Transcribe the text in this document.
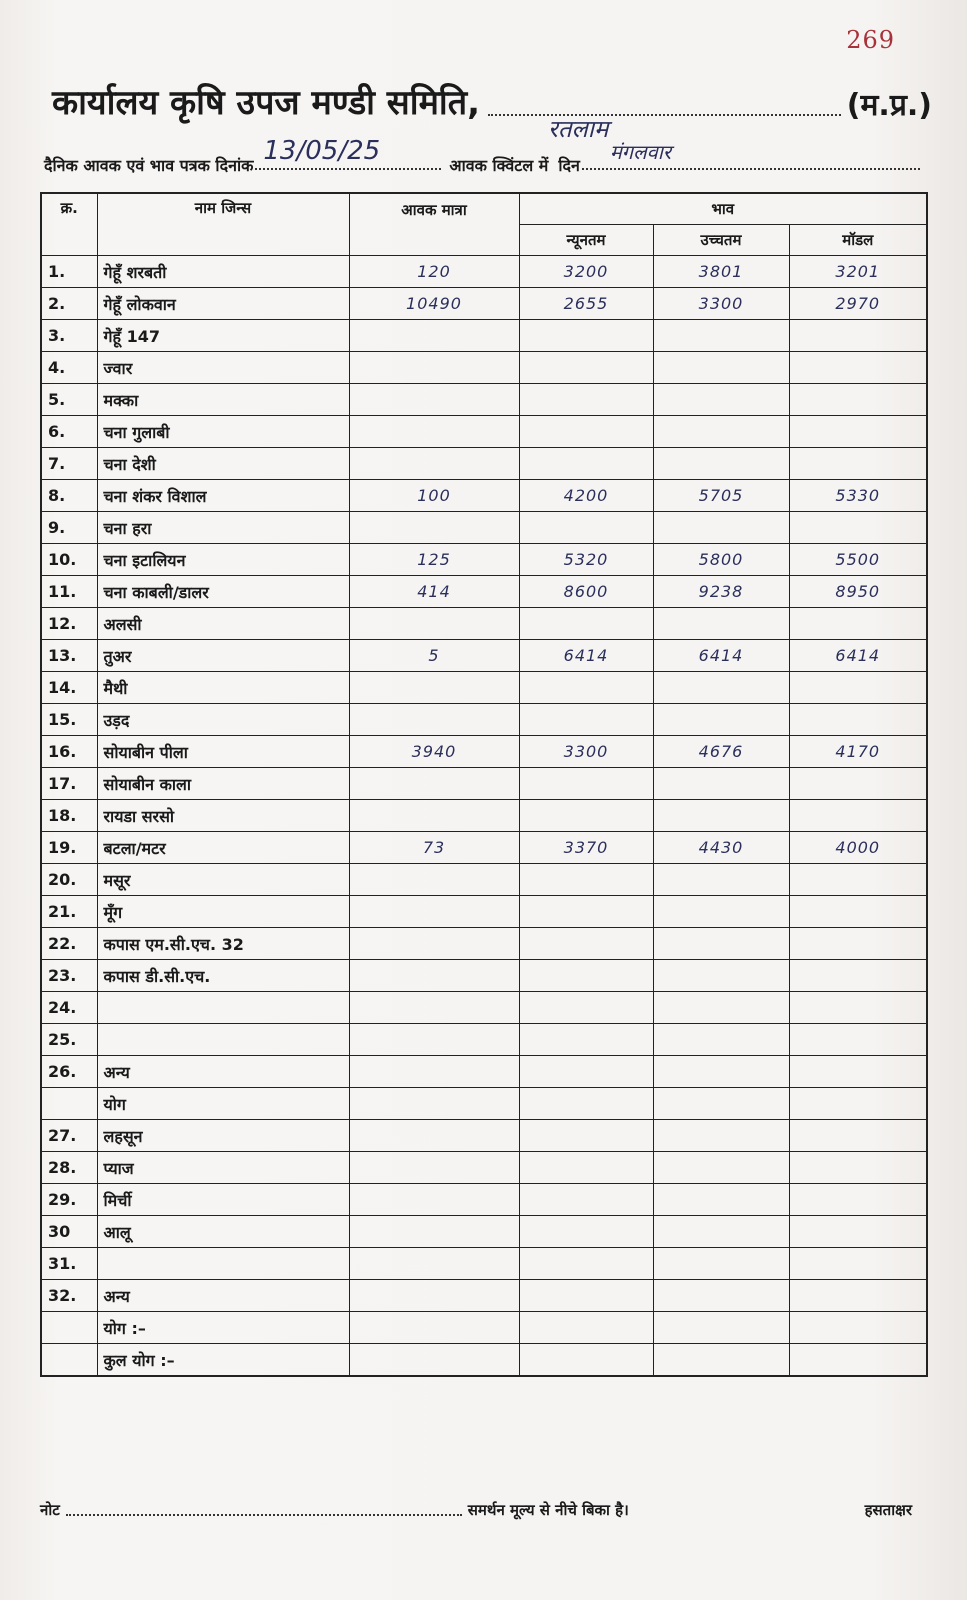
269
कार्यालय कृषि उपज मण्डी समिति,
रतलाम
(म.प्र.)
दैनिक आवक एवं भाव पत्रक दिनांक 13/05/25	आवक क्विंटल में दिन
मंगलवार
क्र.	नाम जिन्स	आवक मात्रा	भाव		
			न्यूनतम	उच्चतम	मॉडल
1.	गेहूँ शरबती	120	3200	3801	3201
2.	गेहूँ लोकवान	10490	2655	3300	2970
3.	गेहूँ 147				
4.	ज्वार				
5.	मक्का				
6.	चना गुलाबी				
7.	चना देशी				
8.	चना शंकर विशाल	100	4200	5705	5330
9.	चना हरा				
10.	चना इटालियन	125	5320	5800	5500
11.	चना काबली/डालर	414	8600	9238	8950
12.	अलसी				
13.	तुअर	5	6414	6414	6414
14.	मैथी				
15.	उड़द				
16.	सोयाबीन पीला	3940	3300	4676	4170
17.	सोयाबीन काला				
18.	रायडा सरसो				
19.	बटला/मटर	73	3370	4430	4000
20.	मसूर				
21.	मूँग				
22.	कपास एम.सी.एच. 32				
23.	कपास डी.सी.एच.				
24.					
25.					
26.	अन्य				
	योग				
27.	लहसून				
28.	प्याज				
29.	मिर्ची				
30	आलू				
31.					
32.	अन्य				
	योग :–				
	कुल योग :–				
नोट	समर्थन मूल्य से नीचे बिका है।	हसताक्षर
